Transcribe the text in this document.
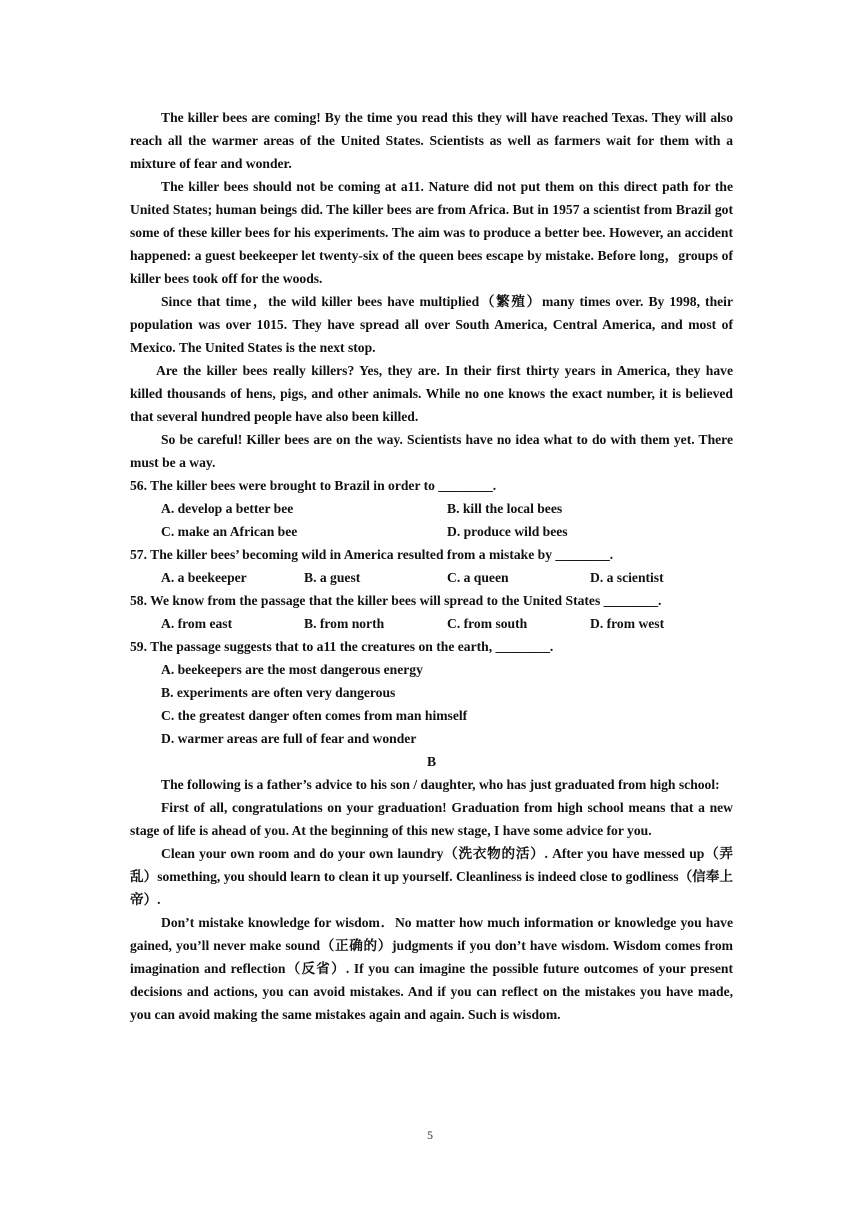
The killer bees are coming! By the time you read this they will have reached Texas. They will also reach all the warmer areas of the United States. Scientists as well as farmers wait for them with a mixture of fear and wonder.

The killer bees should not be coming at a11. Nature did not put them on this direct path for the United States; human beings did. The killer bees are from Africa. But in 1957 a scientist from Brazil got some of these killer bees for his experiments. The aim was to produce a better bee. However, an accident happened: a guest beekeeper let twenty-six of the queen bees escape by mistake. Before long，groups of killer bees took off for the woods.

Since that time，the wild killer bees have multiplied（繁殖）many times over. By 1998, their population was over 1015. They have spread all over South America, Central America, and most of Mexico. The United States is the next stop.

Are the killer bees really killers? Yes, they are. In their first thirty years in America, they have killed thousands of hens, pigs, and other animals. While no one knows the exact number, it is believed that several hundred people have also been killed.

So be careful! Killer bees are on the way. Scientists have no idea what to do with them yet. There must be a way.

56. The killer bees were brought to Brazil in order to ________.

A. develop a better bee	B. kill the local bees
C. make an African bee	D. produce wild bees

57. The killer bees’ becoming wild in America resulted from a mistake by ________.

A. a beekeeper	B. a guest	C. a queen	D. a scientist

58. We know from the passage that the killer bees will spread to the United States ________.

A. from east	B. from north	C. from south	D. from west

59. The passage suggests that to a11 the creatures on the earth, ________.

A. beekeepers are the most dangerous energy

B. experiments are often very dangerous

C. the greatest danger often comes from man himself

D. warmer areas are full of fear and wonder

B

The following is a father’s advice to his son / daughter, who has just graduated from high school:

First of all, congratulations on your graduation! Graduation from high school means that a new stage of life is ahead of you. At the beginning of this new stage, I have some advice for you.

Clean your own room and do your own laundry（洗衣物的活）. After you have messed up（弄乱）something, you should learn to clean it up yourself. Cleanliness is indeed close to godliness（信奉上帝）.

Don’t mistake knowledge for wisdom．No matter how much information or knowledge you have gained, you’ll never make sound（正确的）judgments if you don’t have wisdom. Wisdom comes from imagination and reflection（反省）. If you can imagine the possible future outcomes of your present decisions and actions, you can avoid mistakes. And if you can reflect on the mistakes you have made, you can avoid making the same mistakes again and again. Such is wisdom.

5
